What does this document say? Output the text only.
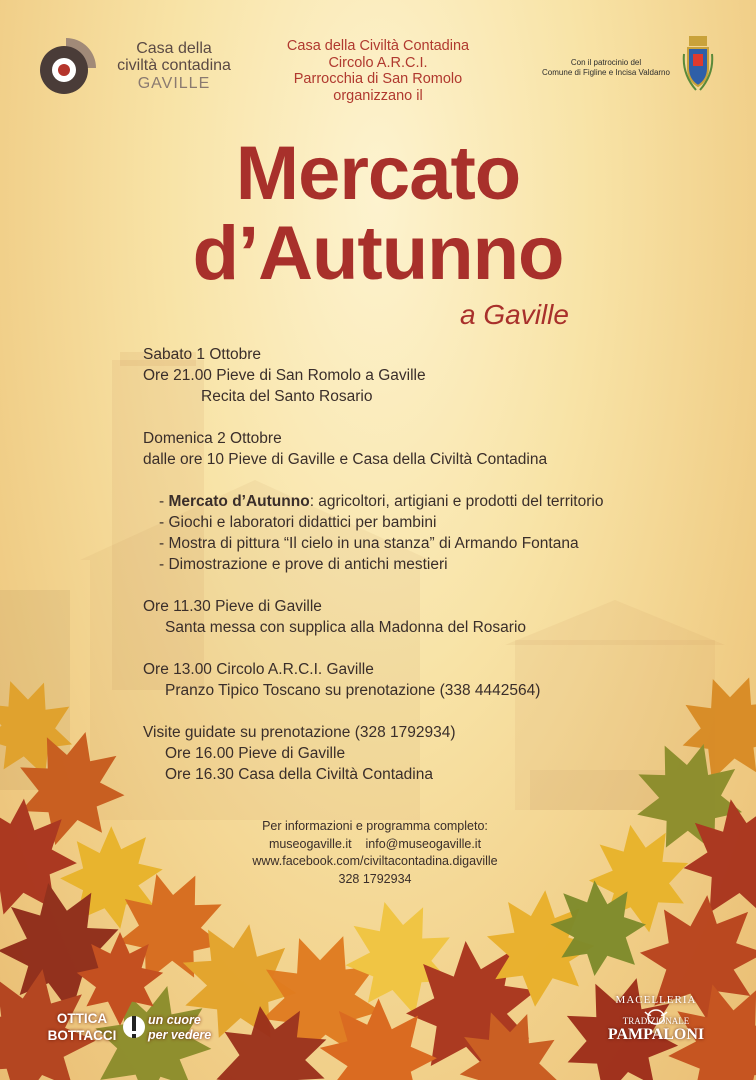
Casa della
civiltà contadina
GAVILLE
Casa della Civiltà Contadina
Circolo A.R.C.I.
Parrocchia di San Romolo
organizzano il
Con il patrocinio del
Comune di Figline e Incisa Valdarno
Mercato
d’Autunno
a Gaville
Sabato 1 Ottobre
Ore 21.00 Pieve di San Romolo a Gaville
Recita del Santo Rosario
Domenica 2 Ottobre
dalle ore 10 Pieve di Gaville e Casa della Civiltà Contadina
- Mercato d’Autunno: agricoltori, artigiani e prodotti del territorio
- Giochi e laboratori didattici per bambini
- Mostra di pittura “Il cielo in una stanza” di Armando Fontana
- Dimostrazione e prove di antichi mestieri
Ore 11.30 Pieve di Gaville
Santa messa con supplica alla Madonna del Rosario
Ore 13.00 Circolo A.R.C.I. Gaville
Pranzo Tipico Toscano su prenotazione (338 4442564)
Visite guidate su prenotazione (328 1792934)
Ore 16.00 Pieve di Gaville
Ore 16.30 Casa della Civiltà Contadina
Per informazioni e programma completo:
museogaville.it info@museogaville.it
www.facebook.com/civiltacontadina.digaville
328 1792934
OTTICA
BOTTACCI
un cuore
per vedere
MACELLERIA
TRADIZIONALE
PAMPALONI
